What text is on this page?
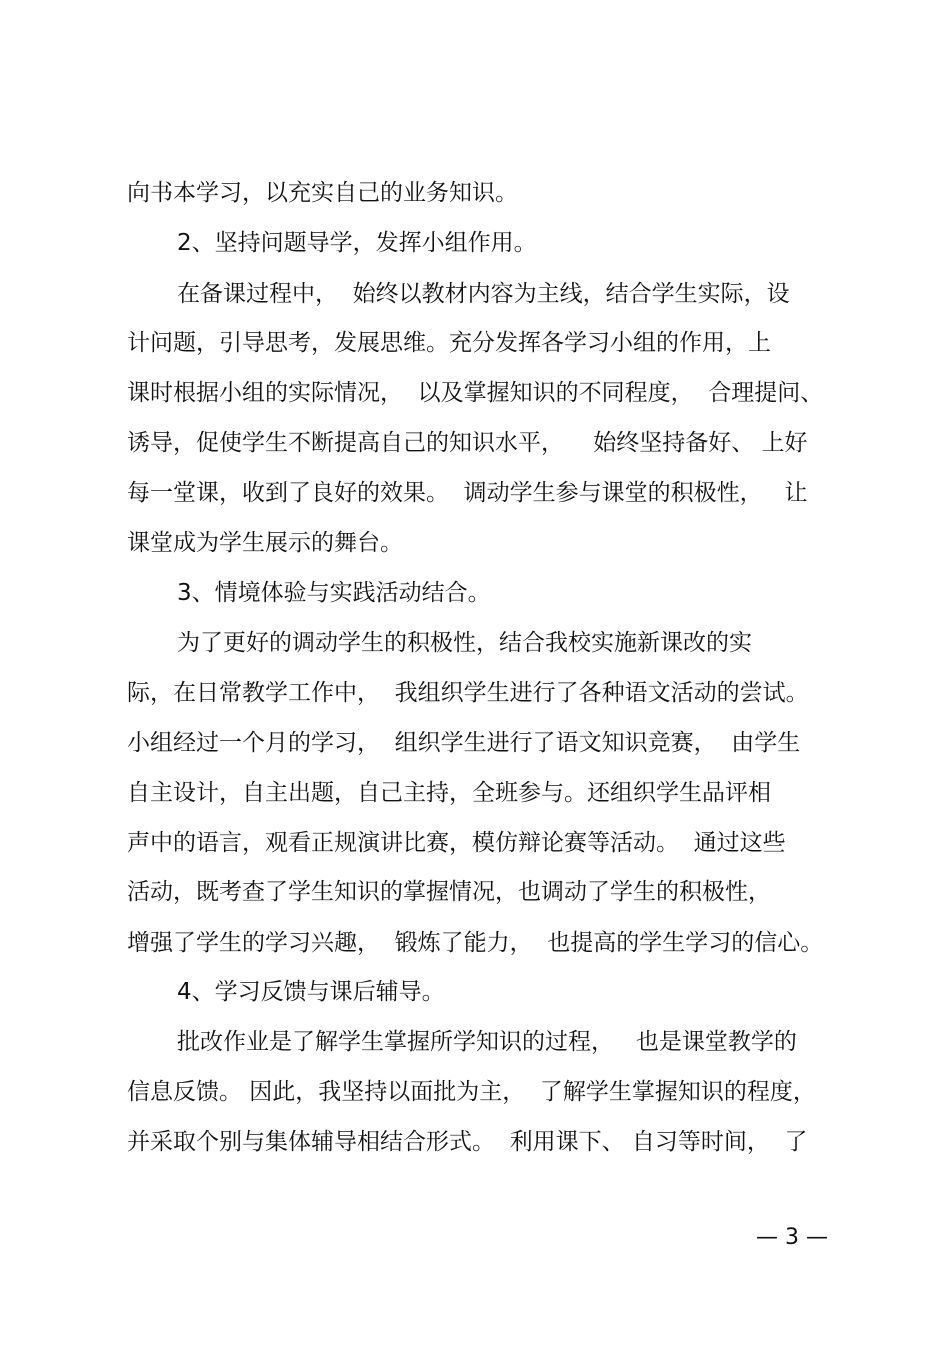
向书本学习，以充实自己的业务知识。
2、坚持问题导学，发挥小组作用。
在备课过程中，  始终以教材内容为主线，结合学生实际，设
计问题，引导思考，发展思维。充分发挥各学习小组的作用，上
课时根据小组的实际情况，  以及掌握知识的不同程度，  合理提问、
诱导，促使学生不断提高自己的知识水平，    始终坚持备好、 上好
每一堂课，收到了良好的效果。  调动学生参与课堂的积极性，   让
课堂成为学生展示的舞台。
3、情境体验与实践活动结合。
为了更好的调动学生的积极性，结合我校实施新课改的实
际，在日常教学工作中，  我组织学生进行了各种语文活动的尝试。
小组经过一个月的学习，  组织学生进行了语文知识竞赛，  由学生
自主设计，自主出题，自己主持，全班参与。还组织学生品评相
声中的语言，观看正规演讲比赛，模仿辩论赛等活动。  通过这些
活动，既考查了学生知识的掌握情况，也调动了学生的积极性，
增强了学生的学习兴趣，  锻炼了能力，  也提高的学生学习的信心。
4、学习反馈与课后辅导。
批改作业是了解学生掌握所学知识的过程，   也是课堂教学的
信息反馈。 因此，我坚持以面批为主，  了解学生掌握知识的程度，
并采取个别与集体辅导相结合形式。  利用课下、 自习等时间，  了
— 3 —
